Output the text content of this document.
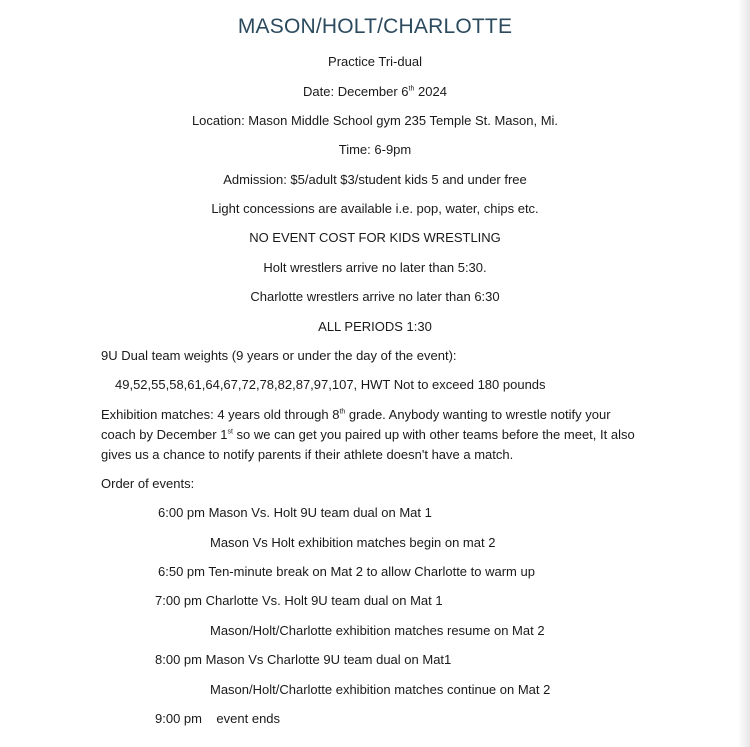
MASON/HOLT/CHARLOTTE
Practice Tri-dual
Date: December 6th 2024
Location: Mason Middle School gym 235 Temple St. Mason, Mi.
Time: 6-9pm
Admission: $5/adult $3/student kids 5 and under free
Light concessions are available i.e. pop, water, chips etc.
NO EVENT COST FOR KIDS WRESTLING
Holt wrestlers arrive no later than 5:30.
Charlotte wrestlers arrive no later than 6:30
ALL PERIODS 1:30
9U Dual team weights (9 years or under the day of the event):
49,52,55,58,61,64,67,72,78,82,87,97,107, HWT Not to exceed 180 pounds
Exhibition matches: 4 years old through 8th grade. Anybody wanting to wrestle notify your coach by December 1st so we can get you paired up with other teams before the meet, It also gives us a chance to notify parents if their athlete doesn't have a match.
Order of events:
6:00 pm Mason Vs. Holt 9U team dual on Mat 1
Mason Vs Holt exhibition matches begin on mat 2
6:50 pm Ten-minute break on Mat 2 to allow Charlotte to warm up
7:00 pm Charlotte Vs. Holt 9U team dual on Mat 1
Mason/Holt/Charlotte exhibition matches resume on Mat 2
8:00 pm Mason Vs Charlotte 9U team dual on Mat1
Mason/Holt/Charlotte exhibition matches continue on Mat 2
9:00 pm    event ends
